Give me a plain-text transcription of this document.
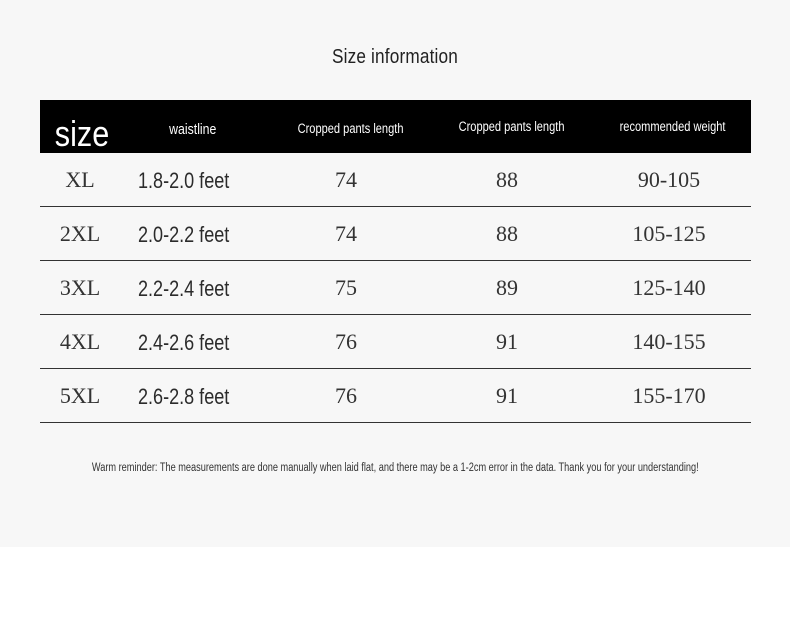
Size information
size	waistline	Cropped pants length	Cropped pants length	recommended weight
XL	1.8-2.0 feet	74	88	90-105
2XL	2.0-2.2 feet	74	88	105-125
3XL	2.2-2.4 feet	75	89	125-140
4XL	2.4-2.6 feet	76	91	140-155
5XL	2.6-2.8 feet	76	91	155-170
Warm reminder: The measurements are done manually when laid flat, and there may be a 1-2cm error in the data. Thank you for your understanding!
